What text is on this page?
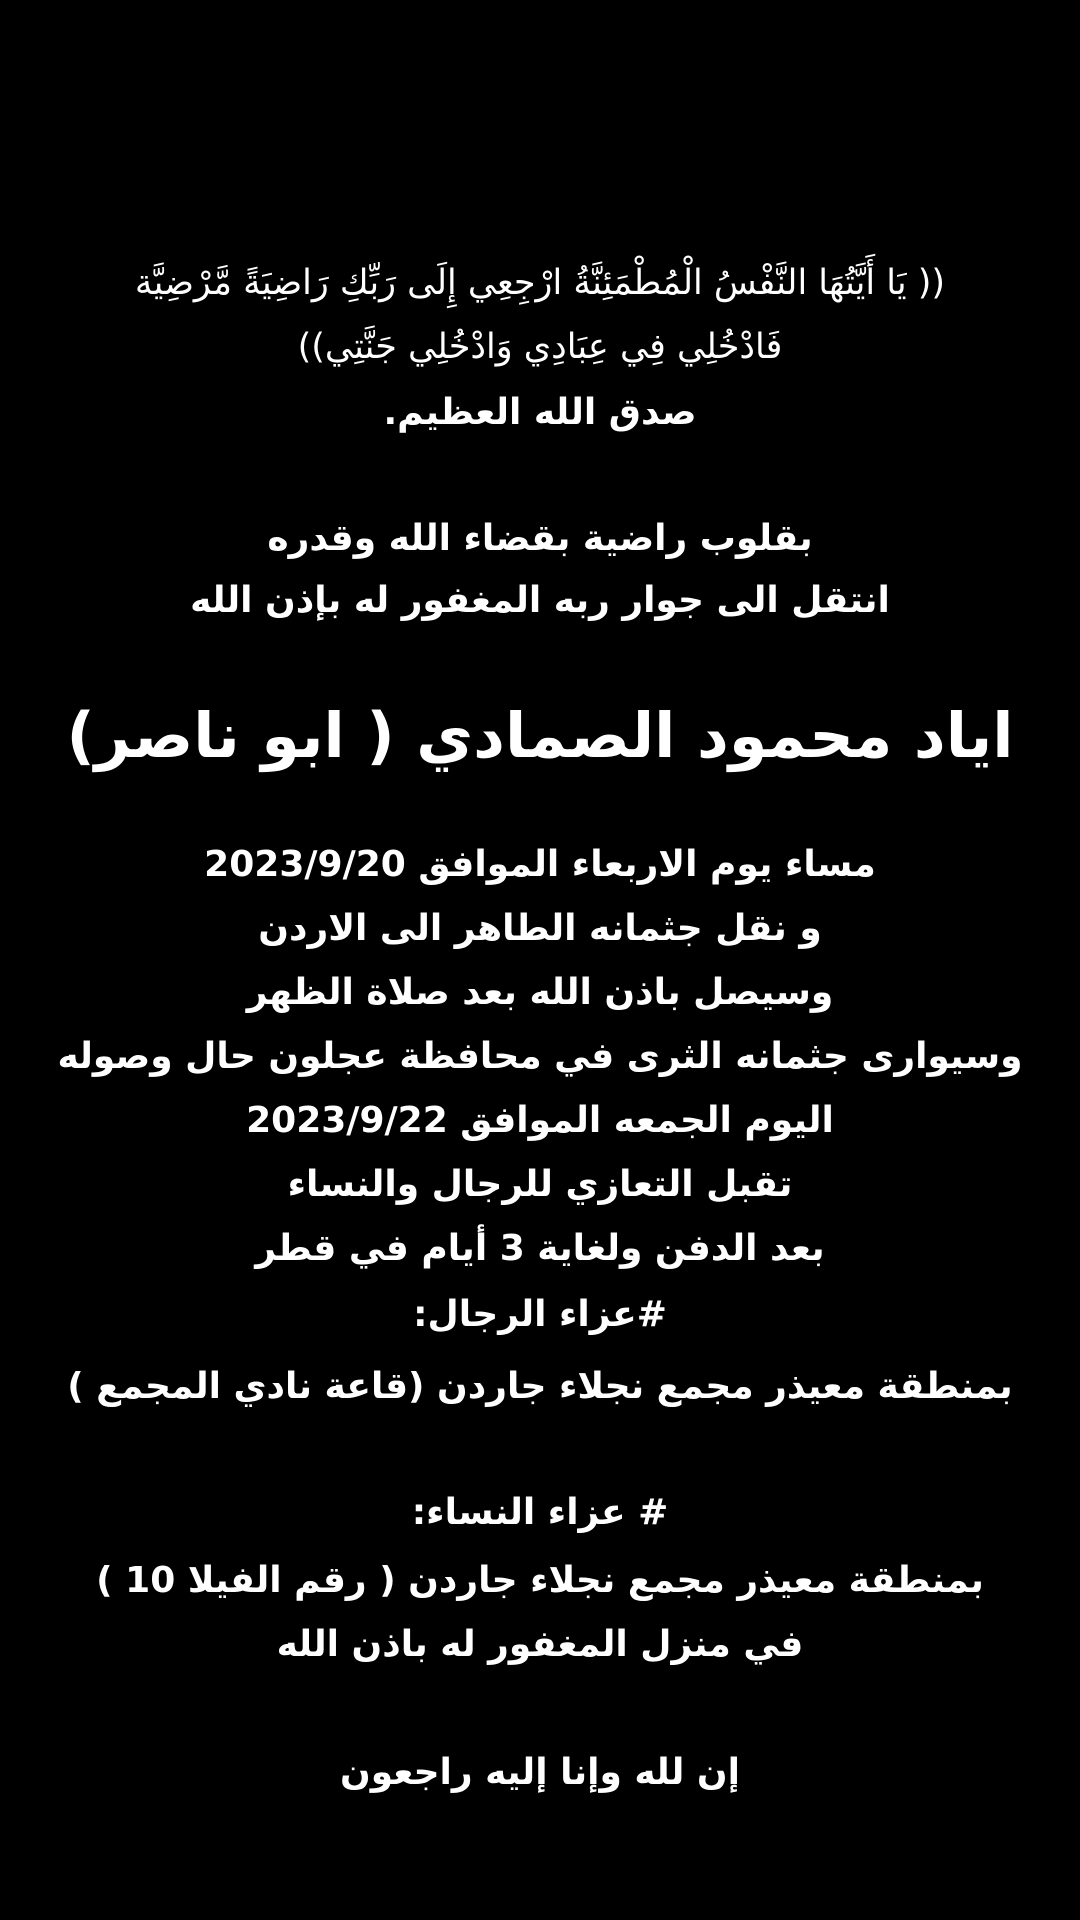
(( يَا أَيَّتُهَا النَّفْسُ الْمُطْمَئِنَّةُ ارْجِعِي إِلَى رَبِّكِ رَاضِيَةً مَّرْضِيَّة
فَادْخُلِي فِي عِبَادِي وَادْخُلِي جَنَّتِي))
صدق الله العظيم.
بقلوب راضية بقضاء الله وقدره
انتقل الى جوار ربه المغفور له بإذن الله
اياد محمود الصمادي ( ابو ناصر)
مساء يوم الاربعاء الموافق 2023/9/20
و نقل جثمانه الطاهر الى الاردن
وسيصل باذن الله بعد صلاة الظهر
وسيوارى جثمانه الثرى في محافظة عجلون حال وصوله
اليوم الجمعه الموافق 2023/9/22
تقبل التعازي للرجال والنساء
بعد الدفن ولغاية 3 أيام في قطر
#عزاء الرجال:
بمنطقة معيذر مجمع نجلاء جاردن (قاعة نادي المجمع )
# عزاء النساء:
بمنطقة معيذر مجمع نجلاء جاردن ( رقم الفيلا 10 )
في منزل المغفور له باذن الله
إن لله وإنا إليه راجعون
